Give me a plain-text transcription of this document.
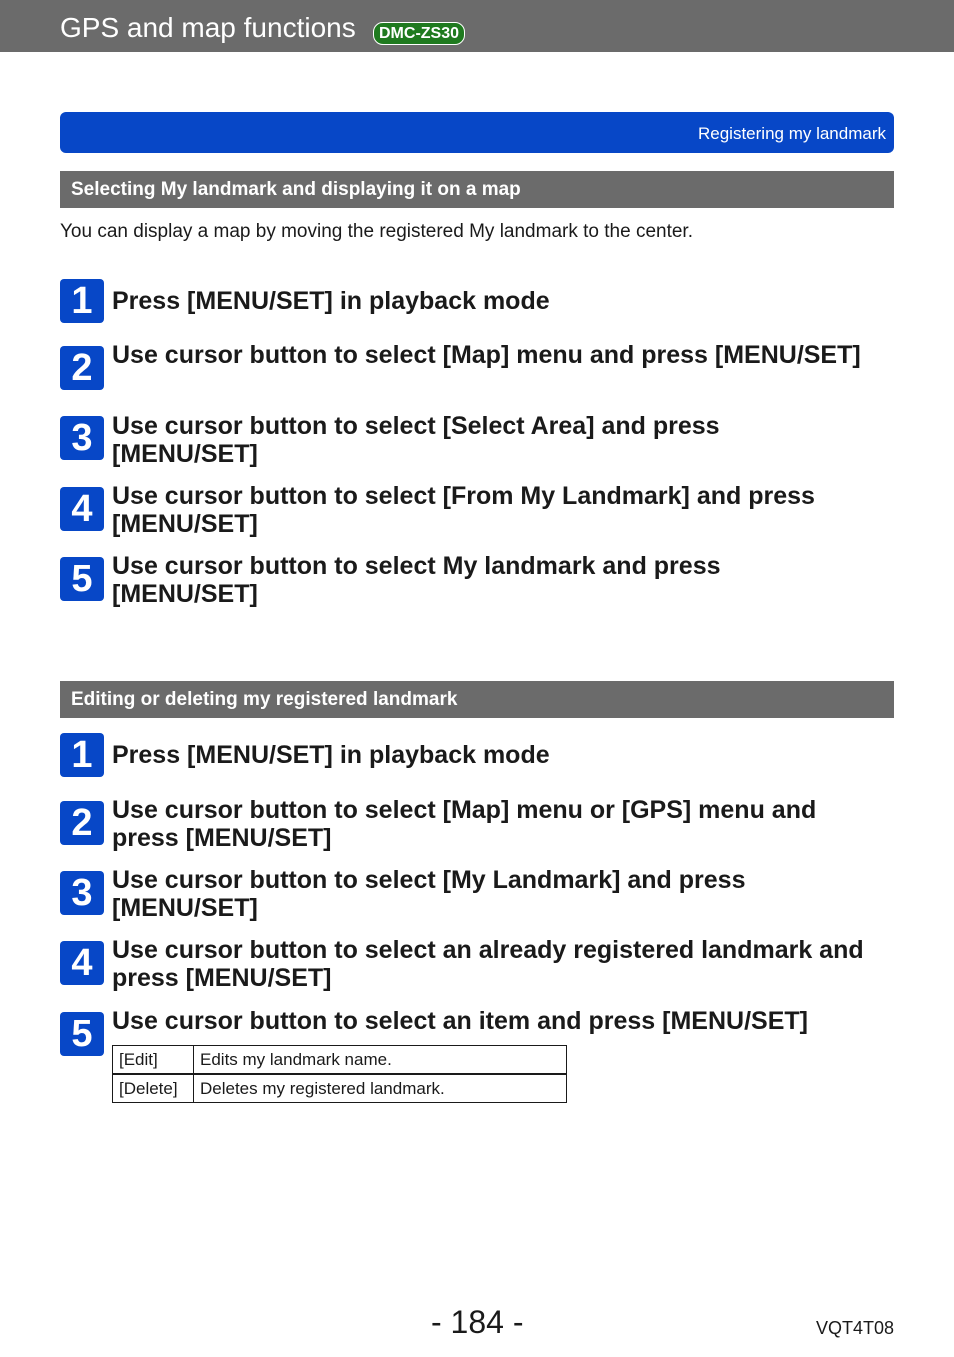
GPS and map functions	DMC-ZS30
Registering my landmark
Selecting My landmark and displaying it on a map
You can display a map by moving the registered My landmark to the center.
1 Press [MENU/SET] in playback mode
2 Use cursor button to select [Map] menu and press [MENU/SET]
3 Use cursor button to select [Select Area] and press [MENU/SET]
4 Use cursor button to select [From My Landmark] and press [MENU/SET]
5 Use cursor button to select My landmark and press [MENU/SET]
Editing or deleting my registered landmark
1 Press [MENU/SET] in playback mode
2 Use cursor button to select [Map] menu or [GPS] menu and press [MENU/SET]
3 Use cursor button to select [My Landmark] and press [MENU/SET]
4 Use cursor button to select an already registered landmark and press [MENU/SET]
5 Use cursor button to select an item and press [MENU/SET]
[Edit]	Edits my landmark name.
[Delete]	Deletes my registered landmark.
- 184 -	VQT4T08
